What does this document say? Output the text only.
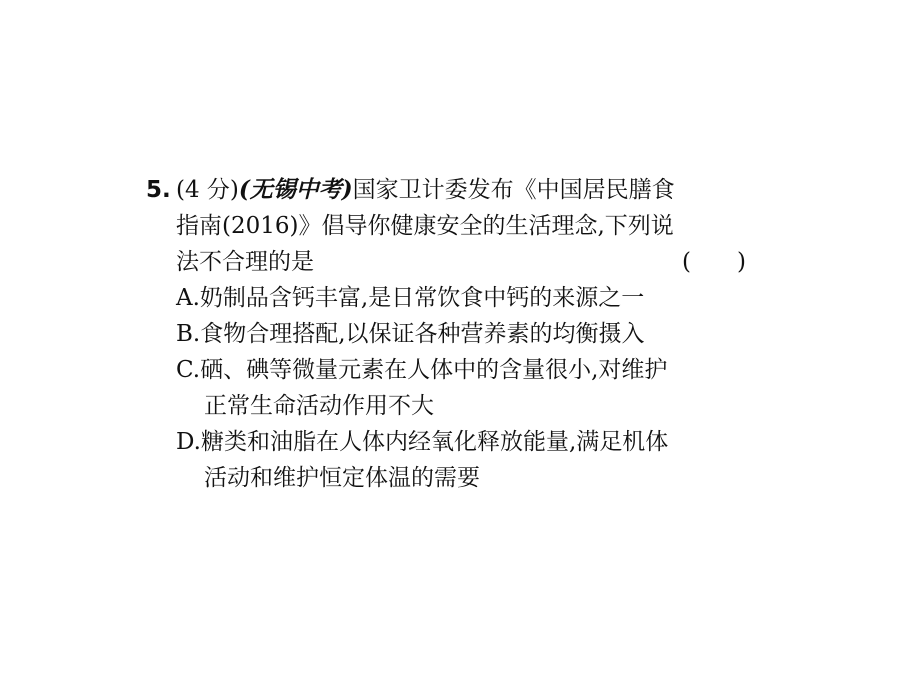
5. (4 分)(无锡中考)国家卫计委发布《中国居民膳食
指南(2016)》倡导你健康安全的生活理念,下列说
法不合理的是	(　　)
A.奶制品含钙丰富,是日常饮食中钙的来源之一
B.食物合理搭配,以保证各种营养素的均衡摄入
C.硒、碘等微量元素在人体中的含量很小,对维护
正常生命活动作用不大
D.糖类和油脂在人体内经氧化释放能量,满足机体
活动和维护恒定体温的需要
